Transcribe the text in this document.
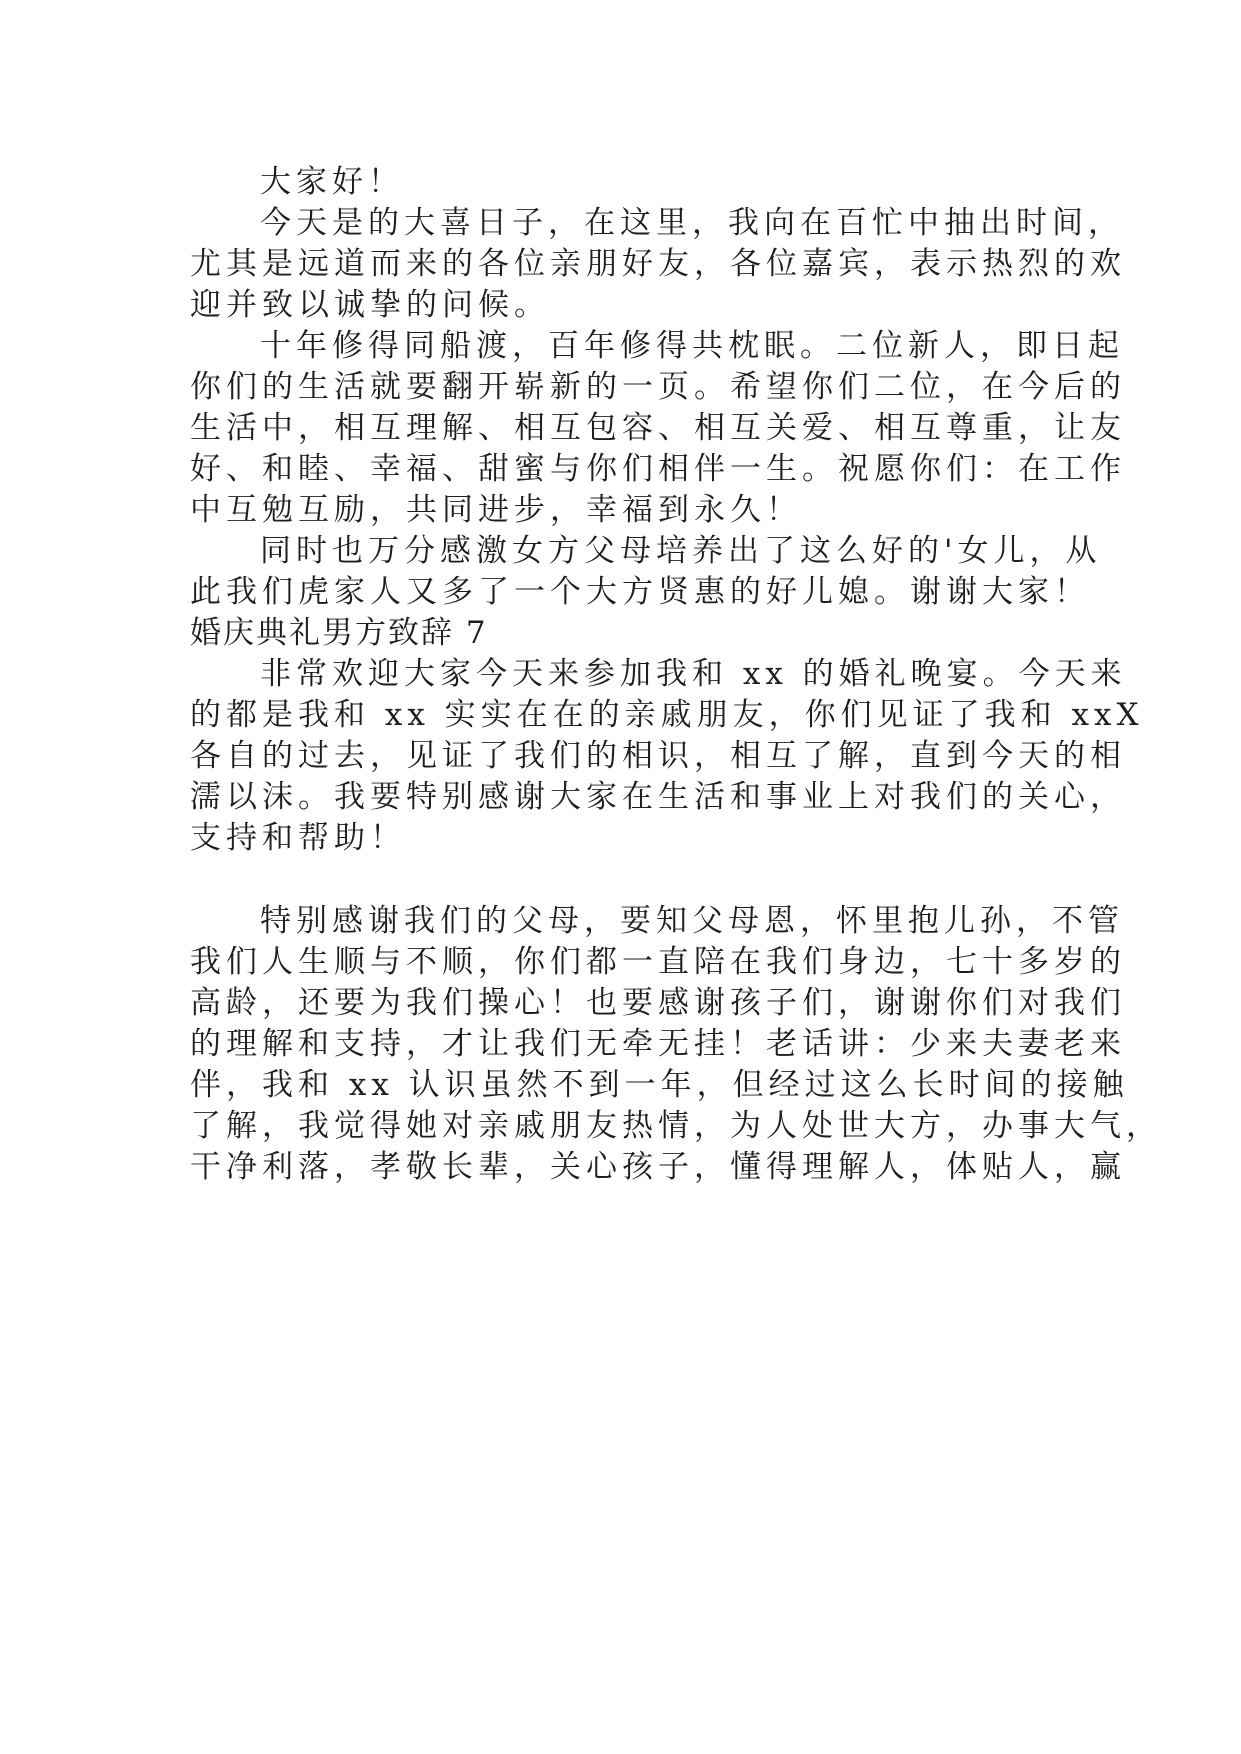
大家好！
今天是的大喜日子，在这里，我向在百忙中抽出时间，
尤其是远道而来的各位亲朋好友，各位嘉宾，表示热烈的欢
迎并致以诚挚的问候。
十年修得同船渡，百年修得共枕眠。二位新人，即日起
你们的生活就要翻开崭新的一页。希望你们二位，在今后的
生活中，相互理解、相互包容、相互关爱、相互尊重，让友
好、和睦、幸福、甜蜜与你们相伴一生。祝愿你们：在工作
中互勉互励，共同进步，幸福到永久！
同时也万分感激女方父母培养出了这么好的'女儿，从
此我们虎家人又多了一个大方贤惠的好儿媳。谢谢大家！
婚庆典礼男方致辞 7
非常欢迎大家今天来参加我和 xx 的婚礼晚宴。今天来
的都是我和 xx 实实在在的亲戚朋友，你们见证了我和 xxX
各自的过去，见证了我们的相识，相互了解，直到今天的相
濡以沫。我要特别感谢大家在生活和事业上对我们的关心，
支持和帮助！
特别感谢我们的父母，要知父母恩，怀里抱儿孙，不管
我们人生顺与不顺，你们都一直陪在我们身边，七十多岁的
高龄，还要为我们操心！也要感谢孩子们，谢谢你们对我们
的理解和支持，才让我们无牵无挂！老话讲：少来夫妻老来
伴，我和 xx 认识虽然不到一年，但经过这么长时间的接触
了解，我觉得她对亲戚朋友热情，为人处世大方，办事大气，
干净利落，孝敬长辈，关心孩子，懂得理解人，体贴人，赢
